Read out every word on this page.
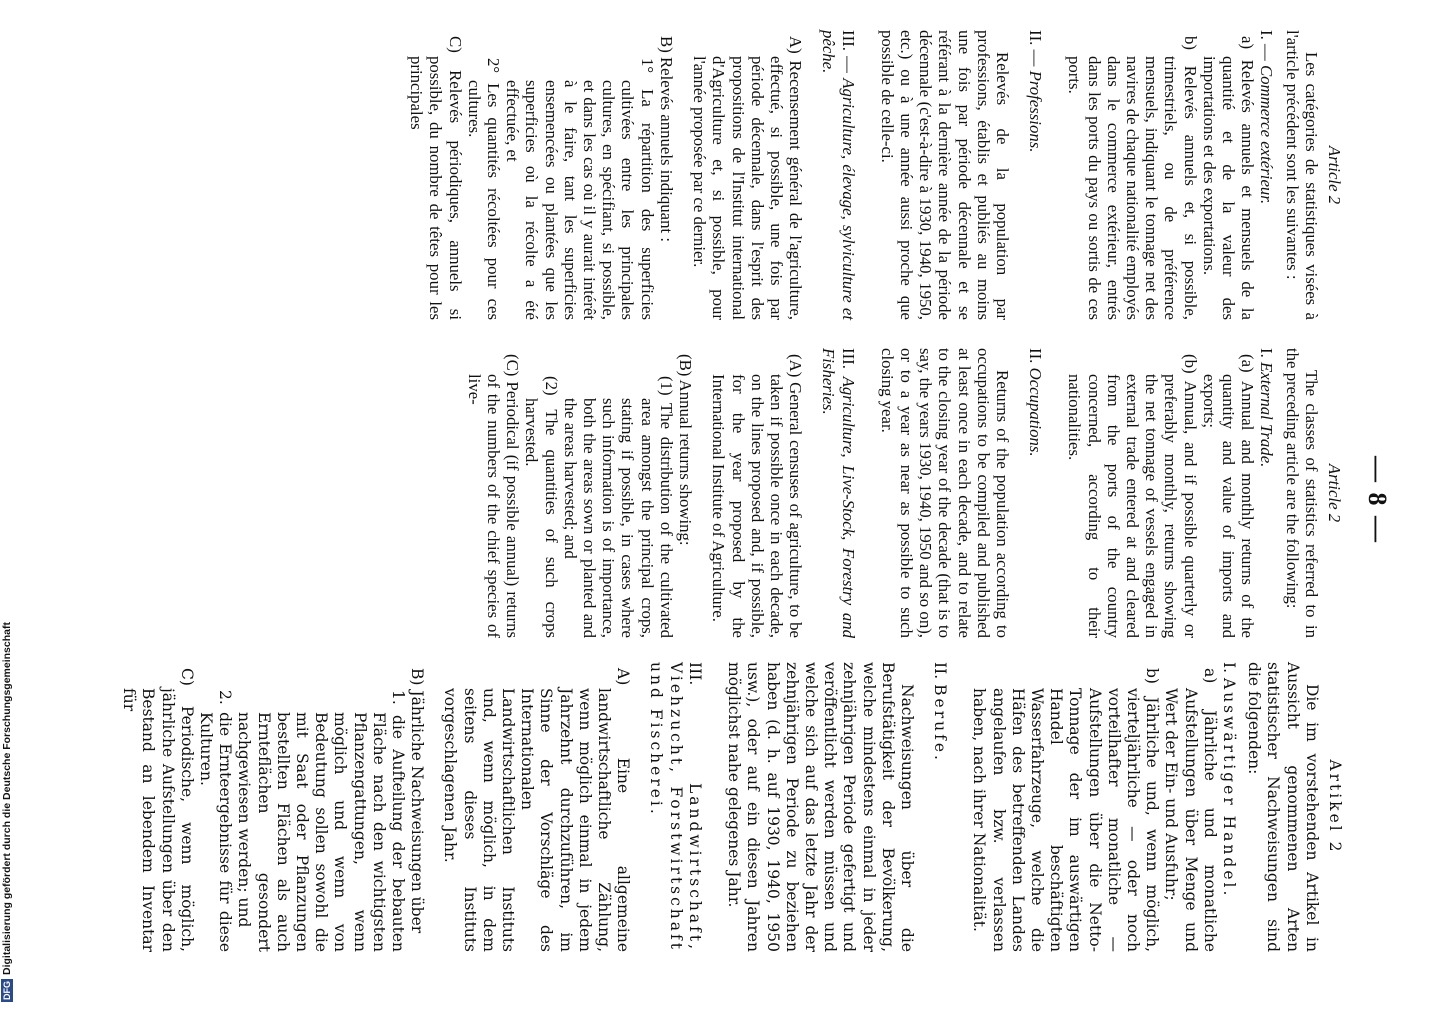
— 8 —

Article 2

Les catégories de statistiques visées à l'article précédent sont les suivantes :

I. — Commerce extérieur.

a) Relevés annuels et mensuels de la quantité et de la valeur des importations et des exportations.

b) Relevés annuels et, si possible, trimestriels, ou de préférence mensuels, indiquant le tonnage net des navires de chaque nationalité employés dans le commerce extérieur, entrés dans les ports du pays ou sortis de ces ports.

II. — Professions.

Relevés de la population par professions, établis et publiés au moins une fois par période décennale et se référant à la dernière année de la période décennale (c'est-à-dire à 1930, 1940, 1950, etc.) ou à une année aussi proche que possible de celle-ci.

III. — Agriculture, élevage, sylviculture et pêche.

A) Recensement général de l'agriculture, effectué, si possible, une fois par période décennale, dans l'esprit des propositions de l'Institut international d'Agriculture et, si possible, pour l'année proposée par ce dernier.

B) Relevés annuels indiquant :

1° La répartition des superficies cultivées entre les principales cultures, en spécifiant, si possible, et dans les cas où il y aurait intérêt à le faire, tant les superficies ensemencées ou plantées que les superficies où la récolte a été effectuée, et

2° Les quantités récoltées pour ces cultures.

C) Relevés périodiques, annuels si possible, du nombre de têtes pour les principales

Article 2

The classes of statistics referred to in the preceding article are the following:

I. External Trade.

(a) Annual and monthly returns of the quantity and value of imports and exports;

(b) Annual, and if possible quarterly or preferably monthly, returns showing the net tonnage of vessels engaged in external trade entered at and cleared from the ports of the country concerned, according to their nationalities.

II. Occupations.

Returns of the population according to occupations to be compiled and published at least once in each decade, and to relate to the closing year of the decade (that is to say, the years 1930, 1940, 1950 and so on), or to a year as near as possible to such closing year.

III. Agriculture, Live-Stock, Forestry and Fisheries.

(A) General censuses of agriculture, to be taken if possible once in each decade, on the lines proposed and, if possible, for the year proposed by the International Institute of Agriculture.

(B) Annual returns showing:

(1) The distribution of the cultivated area amongst the principal crops, stating if possible, in cases where such information is of importance, both the areas sown or planted and the areas harvested; and

(2) The quantities of such crops harvested.

(C) Periodical (if possible annual) returns of the numbers of the chief species of live-

Artikel 2

Die im vorstehenden Artikel in Aussicht genommenen Arten statistischer Nachweisungen sind die folgenden:

I. Auswärtiger Handel.

a) Jährliche und monatliche Aufstellungen über Menge und Wert der Ein- und Ausfuhr;

b) Jährliche und, wenn möglich, vierteljährliche — oder noch vorteilhafter monatliche — Aufstellungen über die Netto-Tonnage der im auswärtigen Handel beschäftigten Wasserfahrzeuge, welche die Häfen des betreffenden Landes angelaufen bzw. verlassen haben, nach ihrer Nationalität.

II. Berufe.

Nachweisungen über die Berufstätigkeit der Bevölkerung, welche mindestens einmal in jeder zehnjährigen Periode gefertigt und veröffentlicht werden müssen und welche sich auf das letzte Jahr der zehnjährigen Periode zu beziehen haben (d. h. auf 1930, 1940, 1950 usw.), oder auf ein diesen Jahren möglichst nahe gelegenes Jahr.

III. Landwirtschaft, Viehzucht, Forstwirtschaft und Fischerei.

A) Eine allgemeine landwirtschaftliche Zählung, wenn möglich einmal in jedem Jahrzehnt durchzuführen, im Sinne der Vorschläge des Internationalen Landwirtschaftlichen Instituts und, wenn möglich, in dem seitens dieses Instituts vorgeschlagenen Jahr.

B) Jährliche Nachweisungen über

1. die Aufteilung der bebauten Fläche nach den wichtigsten Pflanzengattungen, wenn möglich und wenn von Bedeutung sollen sowohl die mit Saat oder Pflanzungen bestellten Flächen als auch Ernteflächen gesondert nachgewiesen werden; und

2. die Ernteergebnisse für diese Kulturen.

C) Periodische, wenn möglich, jährliche Aufstellungen über den Bestand an lebendem Inventar für

DFG
Digitalisierung gefördert durch die Deutsche Forschungsgemeinschaft
